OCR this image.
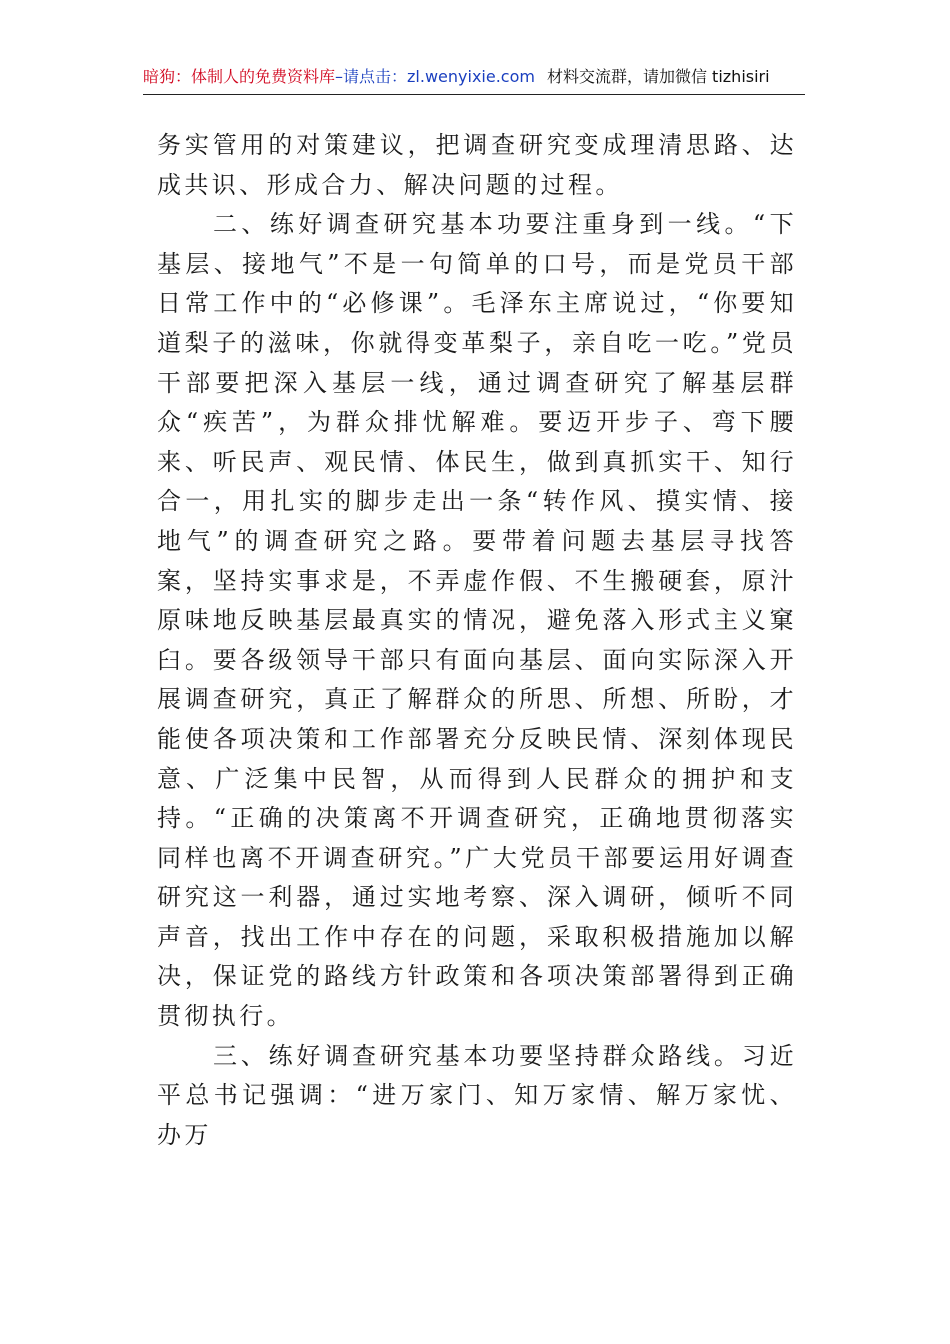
暗狗：体制人的免费资料库–请点击：zl.wenyixie.com 材料交流群，请加微信 tizhisiri

务实管用的对策建议，把调查研究变成理清思路、达成共识、形成合力、解决问题的过程。

二、练好调查研究基本功要注重身到一线。“下基层、接地气”不是一句简单的口号，而是党员干部日常工作中的“必修课”。毛泽东主席说过，“你要知道梨子的滋味，你就得变革梨子，亲自吃一吃。”党员干部要把深入基层一线，通过调查研究了解基层群众“疾苦”，为群众排忧解难。要迈开步子、弯下腰来、听民声、观民情、体民生，做到真抓实干、知行合一，用扎实的脚步走出一条“转作风、摸实情、接地气”的调查研究之路。要带着问题去基层寻找答案，坚持实事求是，不弄虚作假、不生搬硬套，原汁原味地反映基层最真实的情况，避免落入形式主义窠臼。要各级领导干部只有面向基层、面向实际深入开展调查研究，真正了解群众的所思、所想、所盼，才能使各项决策和工作部署充分反映民情、深刻体现民意、广泛集中民智，从而得到人民群众的拥护和支持。“正确的决策离不开调查研究，正确地贯彻落实同样也离不开调查研究。”广大党员干部要运用好调查研究这一利器，通过实地考察、深入调研，倾听不同声音，找出工作中存在的问题，采取积极措施加以解决，保证党的路线方针政策和各项决策部署得到正确贯彻执行。

三、练好调查研究基本功要坚持群众路线。习近平总书记强调：“进万家门、知万家情、解万家忧、办万
